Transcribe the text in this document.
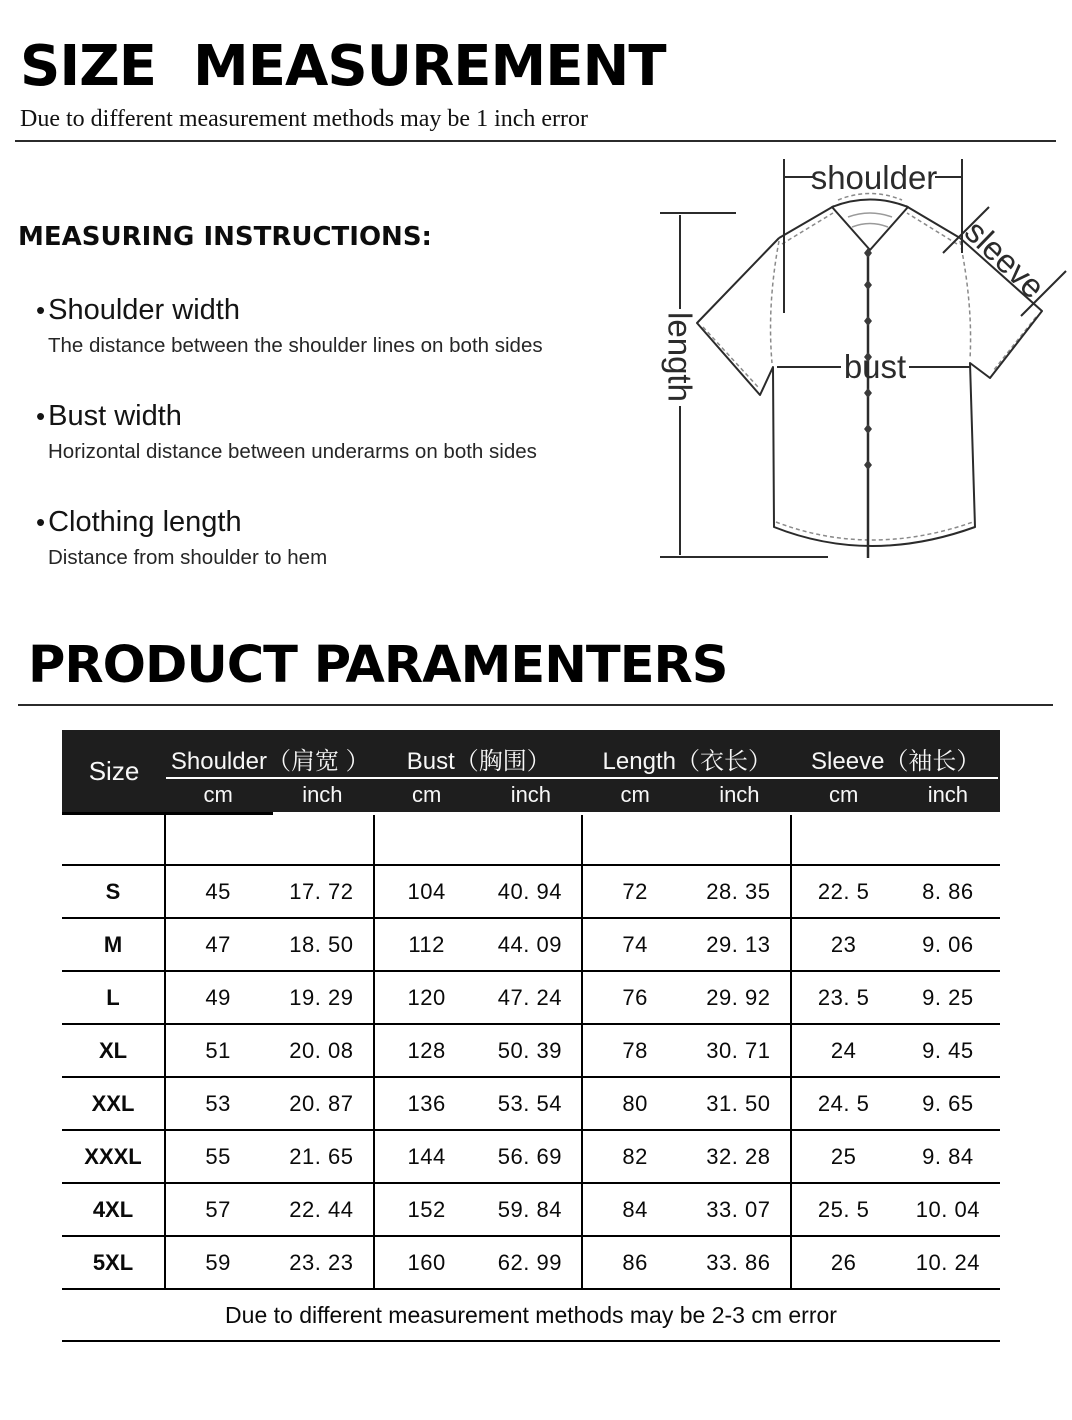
SIZE  MEASUREMENT
Due to different measurement methods may be 1 inch error
MEASURING INSTRUCTIONS:
• Shoulder width
The distance between the shoulder lines on both sides
• Bust width
Horizontal distance between underarms on both sides
• Clothing length
Distance from shoulder to hem
shoulder
length	bust
sleeve
PRODUCT PARAMENTERS
Size	Shoulder（肩宽 ）	Bust（胸围）	Length（衣长）	Sleeve（袖长）
cm	inch	cm	inch	cm	inch	cm	inch
S	45	17. 72	104	40. 94	72	28. 35	22. 5	8. 86
M	47	18. 50	112	44. 09	74	29. 13	23	9. 06
L	49	19. 29	120	47. 24	76	29. 92	23. 5	9. 25
XL	51	20. 08	128	50. 39	78	30. 71	24	9. 45
XXL	53	20. 87	136	53. 54	80	31. 50	24. 5	9. 65
XXXL	55	21. 65	144	56. 69	82	32. 28	25	9. 84
4XL	57	22. 44	152	59. 84	84	33. 07	25. 5	10. 04
5XL	59	23. 23	160	62. 99	86	33. 86	26	10. 24
Due to different measurement methods may be 2-3 cm error
